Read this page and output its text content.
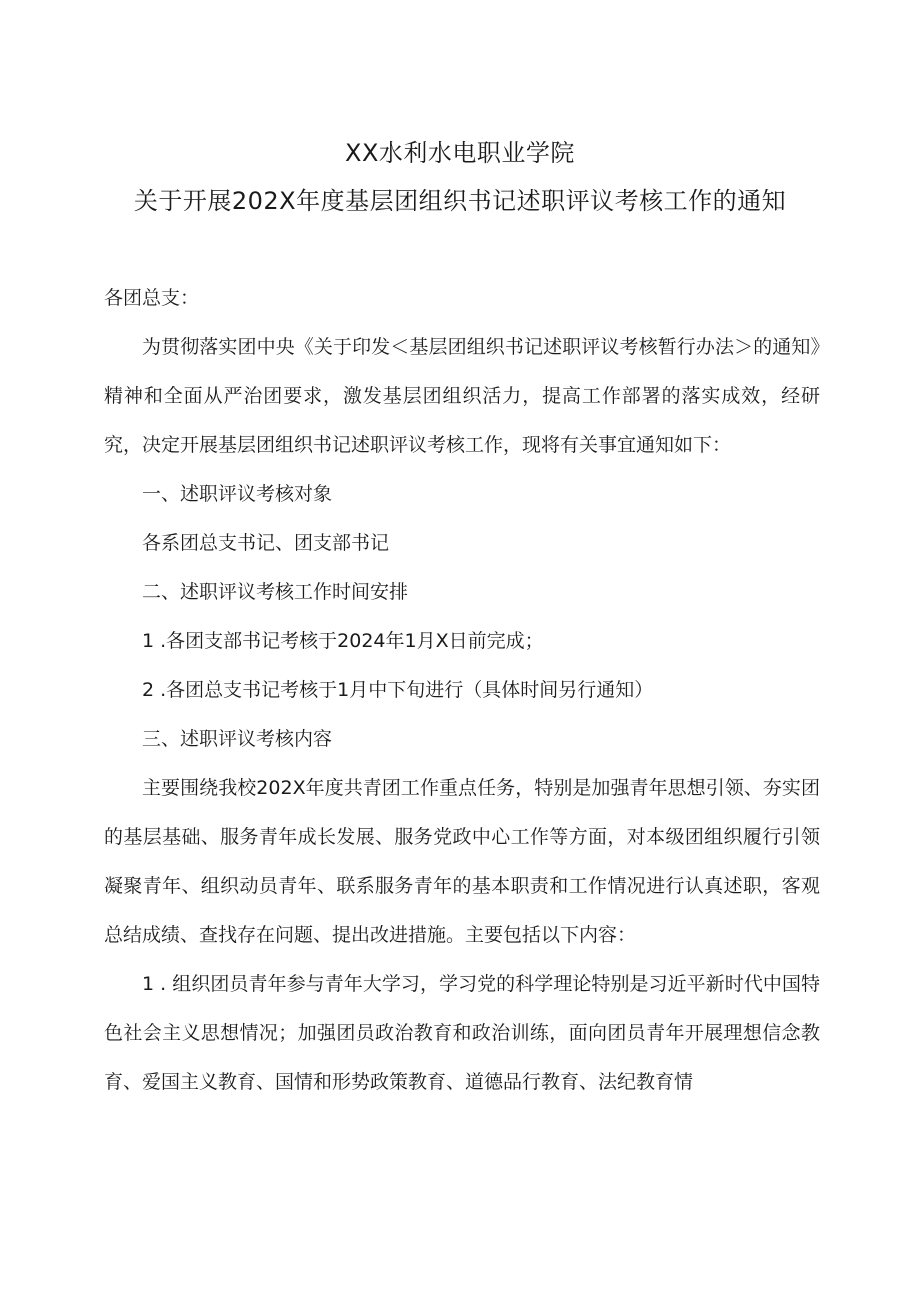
XX水利水电职业学院
关于开展202X年度基层团组织书记述职评议考核工作的通知

各团总支：

为贯彻落实团中央《关于印发＜基层团组织书记述职评议考核暂行办法＞的通知》精神和全面从严治团要求，激发基层团组织活力，提高工作部署的落实成效，经研究，决定开展基层团组织书记述职评议考核工作，现将有关事宜通知如下：

一、述职评议考核对象

各系团总支书记、团支部书记

二、述职评议考核工作时间安排

1 .各团支部书记考核于2024年1月X日前完成；

2 .各团总支书记考核于1月中下旬进行（具体时间另行通知）

三、述职评议考核内容

主要围绕我校202X年度共青团工作重点任务，特别是加强青年思想引领、夯实团的基层基础、服务青年成长发展、服务党政中心工作等方面，对本级团组织履行引领凝聚青年、组织动员青年、联系服务青年的基本职责和工作情况进行认真述职，客观总结成绩、查找存在问题、提出改进措施。主要包括以下内容：

1 . 组织团员青年参与青年大学习，学习党的科学理论特别是习近平新时代中国特色社会主义思想情况；加强团员政治教育和政治训练，面向团员青年开展理想信念教育、爱国主义教育、国情和形势政策教育、道德品行教育、法纪教育情
